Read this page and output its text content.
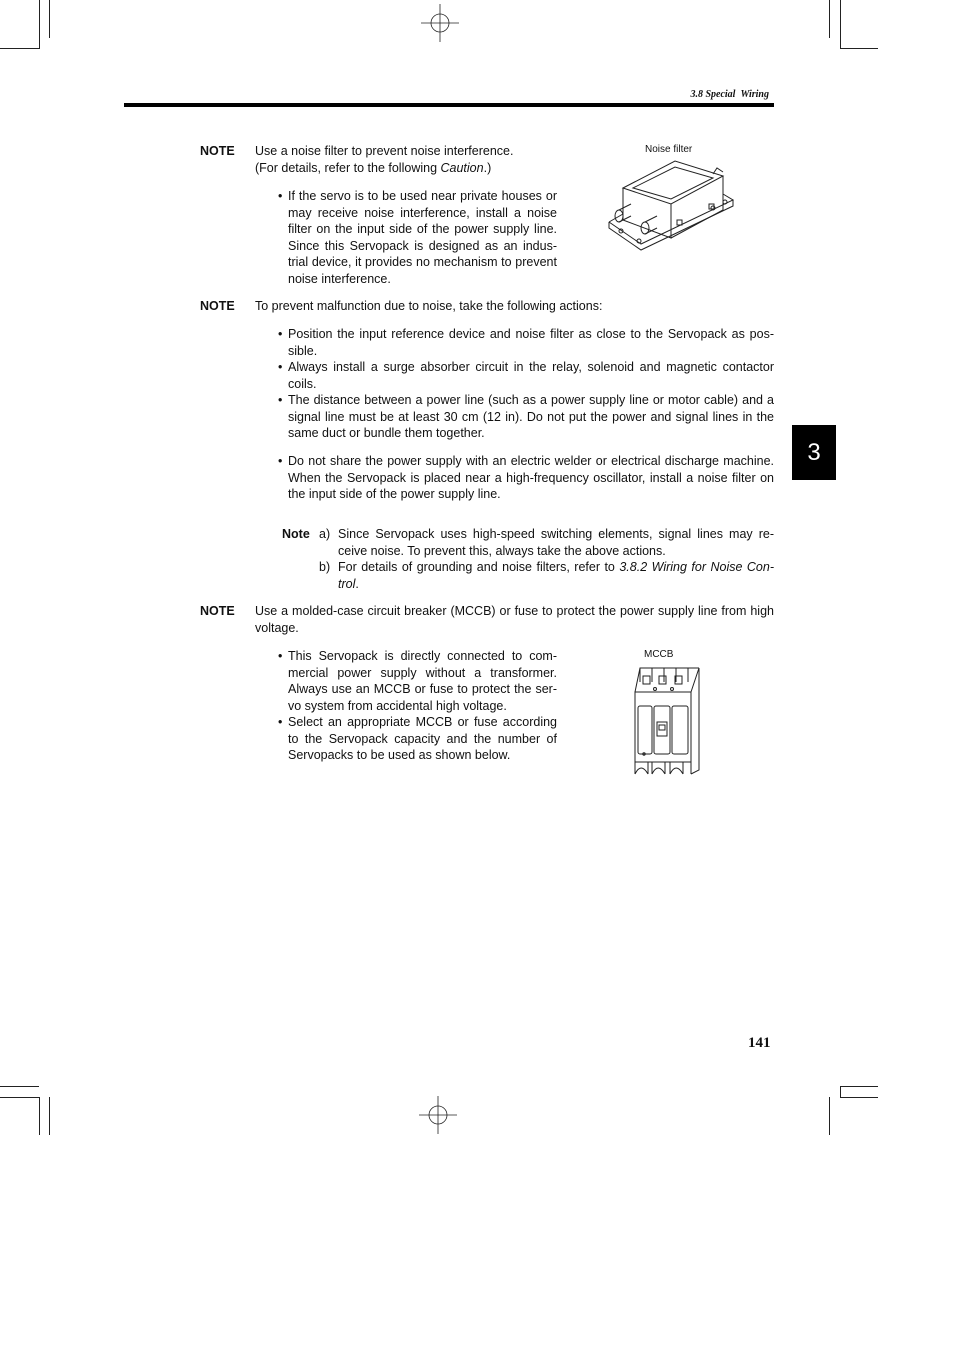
3.8 Special Wiring
3
NOTE Use a noise filter to prevent noise interference.
(For details, refer to the following Caution.)
• If the servo is to be used near private houses or may receive noise interference, install a noise filter on the input side of the power supply line. Since this Servopack is designed as an indus-trial device, it provides no mechanism to prevent noise interference.
Noise filter
NOTE To prevent malfunction due to noise, take the following actions:
• Position the input reference device and noise filter as close to the Servopack as pos-sible.
• Always install a surge absorber circuit in the relay, solenoid and magnetic contactor coils.
• The distance between a power line (such as a power supply line or motor cable) and a signal line must be at least 30 cm (12 in). Do not put the power and signal lines in the same duct or bundle them together.
• Do not share the power supply with an electric welder or electrical discharge machine. When the Servopack is placed near a high-frequency oscillator, install a noise filter on the input side of the power supply line.
Note a) Since Servopack uses high-speed switching elements, signal lines may re-ceive noise. To prevent this, always take the above actions.
b) For details of grounding and noise filters, refer to 3.8.2 Wiring for Noise Con-trol.
NOTE Use a molded-case circuit breaker (MCCB) or fuse to protect the power supply line from high voltage.
• This Servopack is directly connected to com-mercial power supply without a transformer. Always use an MCCB or fuse to protect the ser-vo system from accidental high voltage.
• Select an appropriate MCCB or fuse according to the Servopack capacity and the number of Servopacks to be used as shown below.
MCCB
141
